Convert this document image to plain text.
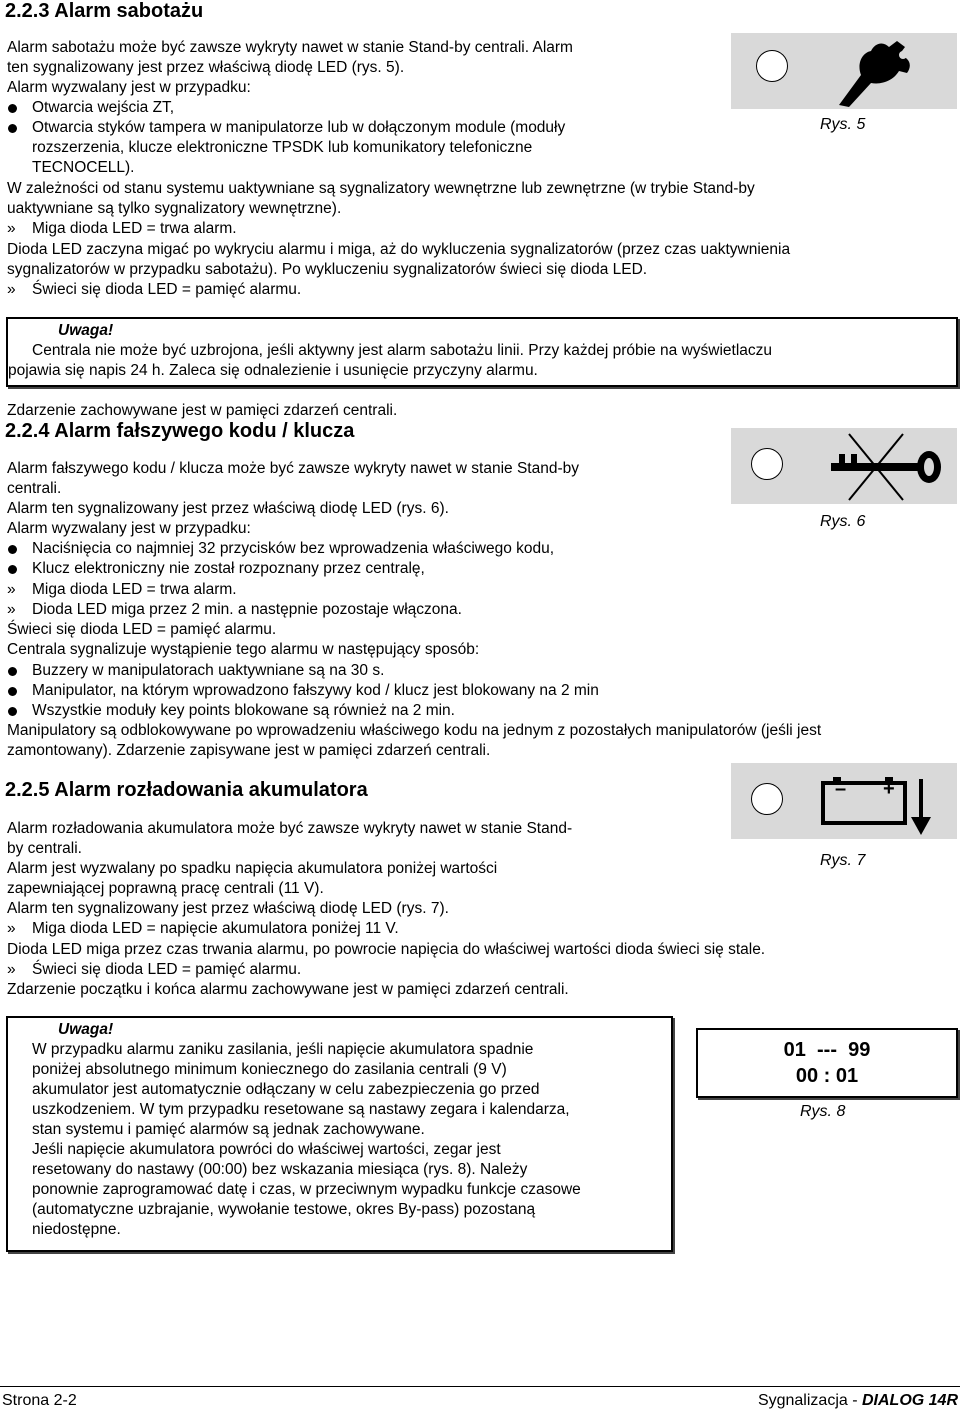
2.2.3 Alarm sabotażu
Alarm sabotażu może być zawsze wykryty nawet w stanie Stand-by centrali. Alarm
ten sygnalizowany jest przez właściwą diodę LED (rys. 5).
Alarm wyzwalany jest w przypadku:
Otwarcia wejścia ZT,
Otwarcia styków tampera w manipulatorze lub w dołączonym module (moduły
rozszerzenia, klucze elektroniczne TPSDK lub komunikatory telefoniczne
TECNOCELL).
W zależności od stanu systemu uaktywniane są sygnalizatory wewnętrzne lub zewnętrzne (w trybie Stand-by
uaktywniane są tylko sygnalizatory wewnętrzne).
» Miga dioda LED = trwa alarm.
Dioda LED zaczyna migać po wykryciu alarmu i miga, aż do wykluczenia sygnalizatorów (przez czas uaktywnienia
sygnalizatorów w przypadku sabotażu). Po wykluczeniu sygnalizatorów świeci się dioda LED.
» Świeci się dioda LED = pamięć alarmu.
Rys. 5
Uwaga!
Centrala nie może być uzbrojona, jeśli aktywny jest alarm sabotażu linii. Przy każdej próbie na wyświetlaczu
pojawia się napis 24 h. Zaleca się odnalezienie i usunięcie przyczyny alarmu.
Zdarzenie zachowywane jest w pamięci zdarzeń centrali.
2.2.4 Alarm fałszywego kodu / klucza
Alarm fałszywego kodu / klucza może być zawsze wykryty nawet w stanie Stand-by
centrali.
Alarm ten sygnalizowany jest przez właściwą diodę LED (rys. 6).
Alarm wyzwalany jest w przypadku:
Naciśnięcia co najmniej 32 przycisków bez wprowadzenia właściwego kodu,
Klucz elektroniczny nie został rozpoznany przez centralę,
» Miga dioda LED = trwa alarm.
» Dioda LED miga przez 2 min. a następnie pozostaje włączona.
Świeci się dioda LED = pamięć alarmu.
Centrala sygnalizuje wystąpienie tego alarmu w następujący sposób:
Buzzery w manipulatorach uaktywniane są na 30 s.
Manipulator, na którym wprowadzono fałszywy kod / klucz jest blokowany na 2 min
Wszystkie moduły key points blokowane są również na 2 min.
Manipulatory są odblokowywane po wprowadzeniu właściwego kodu na jednym z pozostałych manipulatorów (jeśli jest
zamontowany). Zdarzenie zapisywane jest w pamięci zdarzeń centrali.
Rys. 6
2.2.5 Alarm rozładowania akumulatora
Alarm rozładowania akumulatora może być zawsze wykryty nawet w stanie Stand-
by centrali.
Alarm jest wyzwalany po spadku napięcia akumulatora poniżej wartości
zapewniającej poprawną pracę centrali (11 V).
Alarm ten sygnalizowany jest przez właściwą diodę LED (rys. 7).
» Miga dioda LED = napięcie akumulatora poniżej 11 V.
Dioda LED miga przez czas trwania alarmu, po powrocie napięcia do właściwej wartości dioda świeci się stale.
» Świeci się dioda LED = pamięć alarmu.
Zdarzenie początku i końca alarmu zachowywane jest w pamięci zdarzeń centrali.
– +
Rys. 7
Uwaga!
W przypadku alarmu zaniku zasilania, jeśli napięcie akumulatora spadnie
poniżej absolutnego minimum koniecznego do zasilania centrali (9 V)
akumulator jest automatycznie odłączany w celu zabezpieczenia go przed
uszkodzeniem. W tym przypadku resetowane są nastawy zegara i kalendarza,
stan systemu i pamięć alarmów są jednak zachowywane.
Jeśli napięcie akumulatora powróci do właściwej wartości, zegar jest
resetowany do nastawy (00:00) bez wskazania miesiąca (rys. 8). Należy
ponownie zaprogramować datę i czas, w przeciwnym wypadku funkcje czasowe
(automatyczne uzbrajanie, wywołanie testowe, okres By-pass) pozostaną
niedostępne.
01  ---  99
00 : 01
Rys. 8
Strona 2-2	Sygnalizacja - DIALOG 14R
